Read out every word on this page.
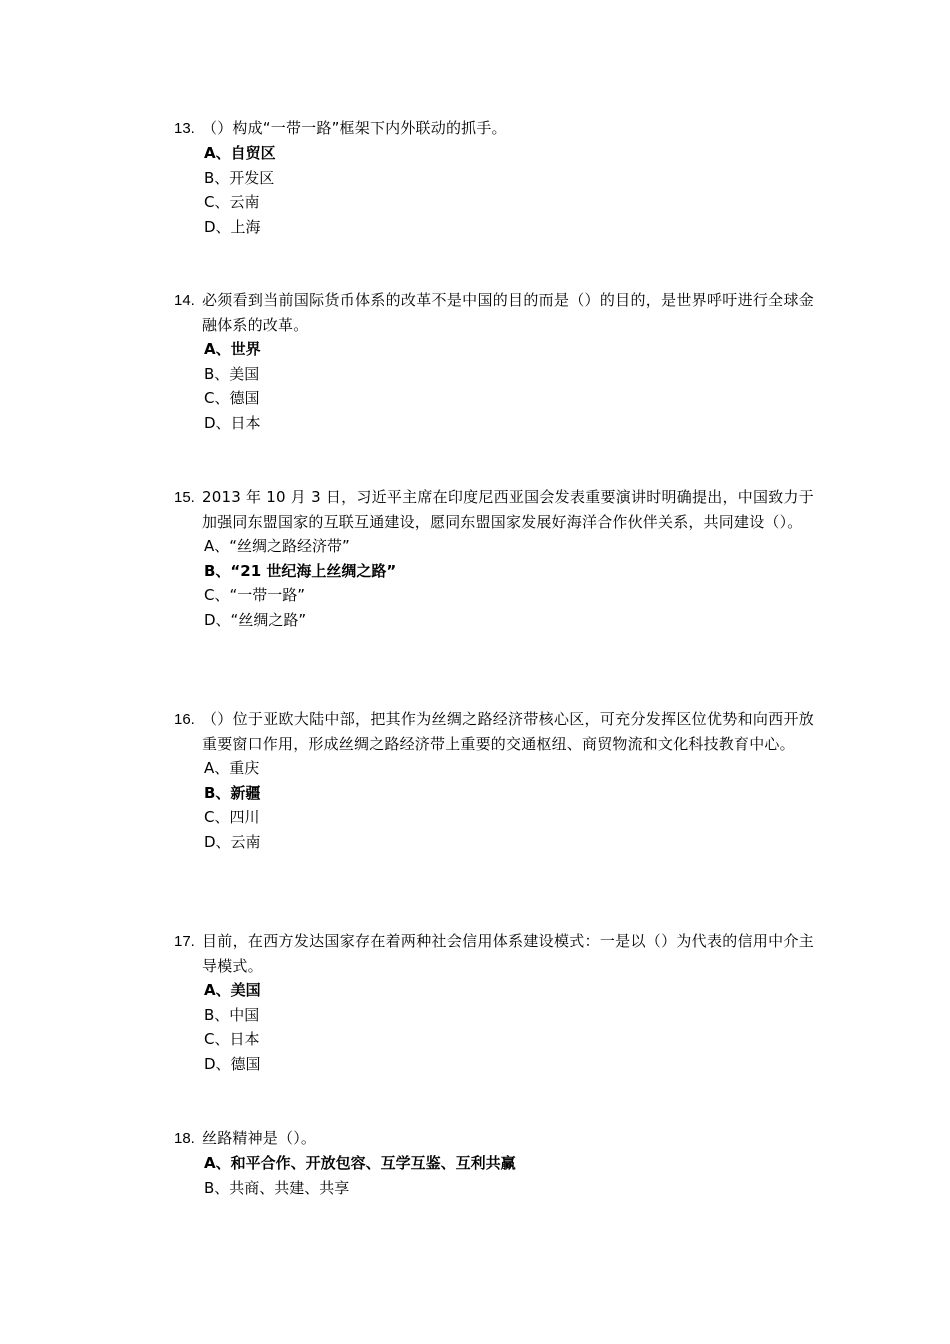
13. （）构成“一带一路”框架下内外联动的抓手。
A、自贸区
B、开发区
C、云南
D、上海
14. 必须看到当前国际货币体系的改革不是中国的目的而是（）的目的，是世界呼吁进行全球金融体系的改革。
A、世界
B、美国
C、德国
D、日本
15. 2013 年 10 月 3 日，习近平主席在印度尼西亚国会发表重要演讲时明确提出，中国致力于加强同东盟国家的互联互通建设，愿同东盟国家发展好海洋合作伙伴关系，共同建设（）。
A、“丝绸之路经济带”
B、“21 世纪海上丝绸之路”
C、“一带一路”
D、“丝绸之路”
16. （）位于亚欧大陆中部，把其作为丝绸之路经济带核心区，可充分发挥区位优势和向西开放重要窗口作用，形成丝绸之路经济带上重要的交通枢纽、商贸物流和文化科技教育中心。
A、重庆
B、新疆
C、四川
D、云南
17. 目前，在西方发达国家存在着两种社会信用体系建设模式：一是以（）为代表的信用中介主导模式。
A、美国
B、中国
C、日本
D、德国
18. 丝路精神是（）。
A、和平合作、开放包容、互学互鉴、互利共赢
B、共商、共建、共享
